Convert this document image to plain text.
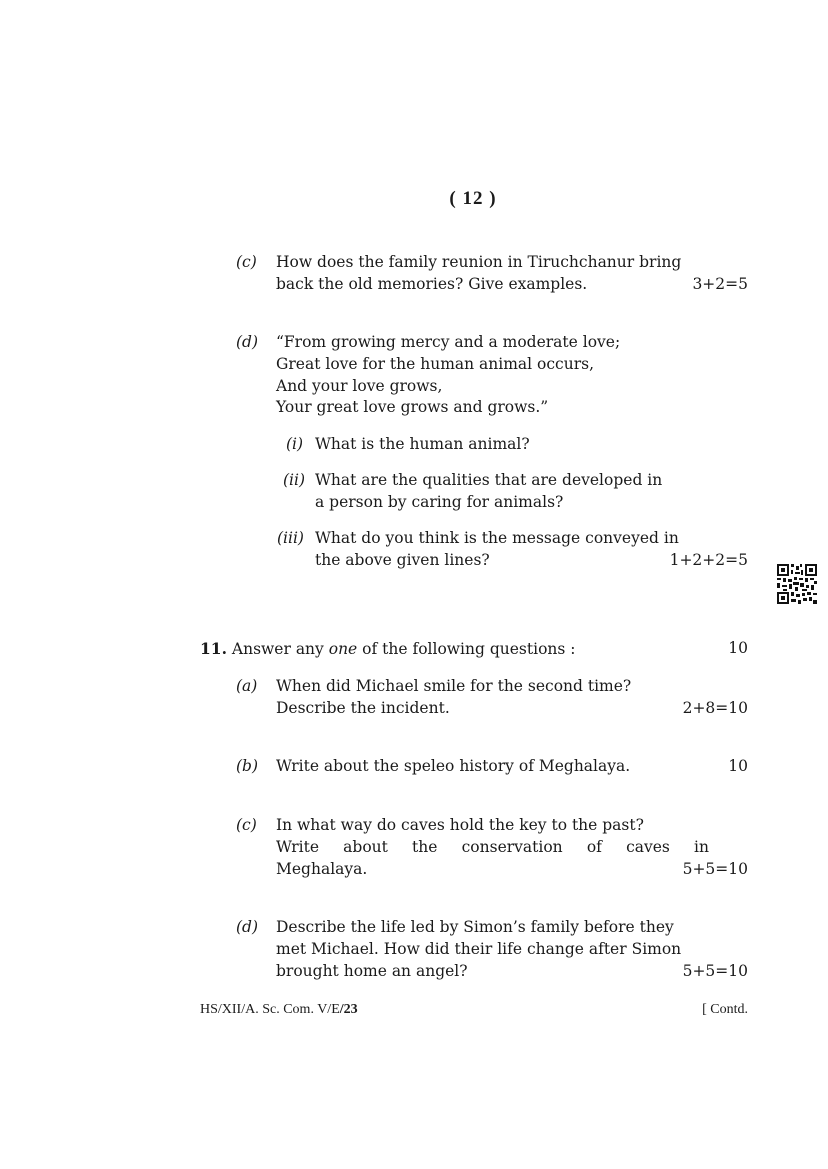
( 12 )
(c) How does the family reunion in Tiruchchanur bring
back the old memories? Give examples.	3+2=5
(d) “From growing mercy and a moderate love;
Great love for the human animal occurs,
And your love grows,
Your great love grows and grows.”
(i) What is the human animal?
(ii) What are the qualities that are developed in
a person by caring for animals?
(iii) What do you think is the message conveyed in
the above given lines?	1+2+2=5
11. Answer any one of the following questions :	10
(a) When did Michael smile for the second time?
Describe the incident.	2+8=10
(b) Write about the speleo history of Meghalaya.	10
(c) In what way do caves hold the key to the past?
Write about the conservation of caves in
Meghalaya.	5+5=10
(d) Describe the life led by Simon’s family before they
met Michael. How did their life change after Simon
brought home an angel?	5+5=10
HS/XII/A. Sc. Com. V/E/23	[ Contd.
